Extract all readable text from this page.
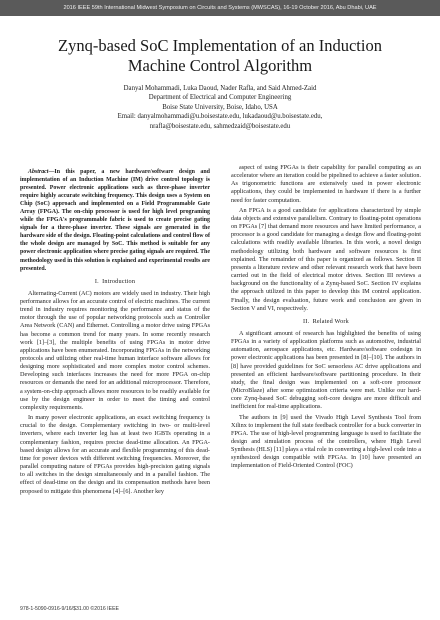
2016 IEEE 59th International Midwest Symposium on Circuits and Systems (MWSCAS), 16-19 October 2016, Abu Dhabi, UAE
Zynq-based SoC Implementation of an Induction
Machine Control Algorithm
Danyal Mohammadi, Luka Daoud, Nader Rafla, and Said Ahmed-Zaid
Department of Electrical and Computer Engineering
Boise State University, Boise, Idaho, USA
Email: danyalmohammadi@u.boisestate.edu, lukadaoud@u.boisestate.edu,
nrafla@boisestate.edu, sahmedzaid@boisestate.edu

Abstract—In this paper, a new hardware/software design and implementation of an Induction Machine (IM) drive control topology is presented. Power electronic applications such as three-phase inverter require highly accurate switching frequency. This design uses a System on Chip (SoC) approach and implemented on a Field Programmable Gate Array (FPGA). The on-chip processor is used for high level programing while the FPGA's programmable fabric is used to create precise gating signals for a three-phase inverter. These signals are generated in the hardware side of the design. Floating-point calculations and control flow of the whole design are managed by SoC. This method is suitable for any power electronic application where precise gating signals are required. The methodology used in this solution is explained and experimental results are presented.

I. Introduction

Alternating-Current (AC) motors are widely used in industry. Their high performance allows for an accurate control of electric machines. The current trend in industry requires monitoring the performance and status of the motor through the use of popular networking protocols such as Controller Area Network (CAN) and Ethernet. Controlling a motor drive using FPGAs has become a common trend for many years. In some recently research work [1]–[3], the multiple benefits of using FPGAs in motor drive applications have been enumerated. Incorporating FPGAs in the networking protocols and utilizing other real-time human interface software allows for designing more sophisticated and more complex motor control schemes. Developing such interfaces increases the need for more FPGA on-chip resources or demands the need for an additional microprocessor. Therefore, a system-on-chip approach allows more resources to be readily available for use by the design engineer in order to meet the timing and control complexity requirements.

In many power electronic applications, an exact switching frequency is crucial to the design. Complementary switching in two- or multi-level inverters, where each inverter leg has at least two IGBTs operating in a complementary fashion, requires precise dead-time allocation. An FPGA-based design allows for an accurate and flexible programming of this dead-time for power devices with different switching frequencies. Moreover, the parallel computing nature of FPGAs provides high-precision gating signals to all switches in the design simultaneously and in a parallel fashion. The effect of dead-time on the design and its compensation methods have been proposed to mitigate this phenomena [4]–[6]. Another key

aspect of using FPGAs is their capability for parallel computing as an accelerator where an iteration could be pipelined to achieve a faster solution. As trigonometric functions are extensively used in power electronic applications, they could be implemented in hardware if there is a further need for faster computation.

An FPGA is a good candidate for applications characterized by simple data objects and extensive parallelism. Contrary to floating-point operations on FPGAs [7] that demand more resources and have limited performance, a processor is a good candidate for managing a design flow and floating-point calculations with readily available libraries. In this work, a novel design methodology utilizing both hardware and software resources is first explained. The remainder of this paper is organized as follows. Section II presents a literature review and other relevant research work that have been carried out in the field of electrical motor drives. Section III reviews a background on the functionality of a Zynq-based SoC. Section IV explains the approach utilized in this paper to develop this IM control application. Finally, the design evaluation, future work and conclusion are given in Section V and VI, respectively.

II. Related Work

A significant amount of research has highlighted the benefits of using FPGAs in a variety of application platforms such as automotive, industrial automation, aerospace applications, etc. Hardware/software codesign in power electronic applications has been presented in [8]–[10]. The authors in [8] have provided guidelines for SoC sensorless AC drive applications and presented an efficient hardware/software partitioning procedure. In their study, the final design was implemented on a soft-core processor (MicroBlaze) after some optimization criteria were met. Unlike our hard-core Zynq-based SoC debugging soft-core designs are more difficult and inefficient for real-time applications.

The authors in [9] used the Vivado High Level Synthesis Tool from Xilinx to implement the full state feedback controller for a buck converter in FPGA. The use of high-level programming language is used to facilitate the design and simulation process of the controllers, where High Level Synthesis (HLS) [11] plays a vital role in converting a high-level code into a synthesized design compatible with FPGAs. In [10] have presented an implementation of Field-Oriented Control (FOC)

978-1-5090-0916-9/16/$31.00 ©2016 IEEE
